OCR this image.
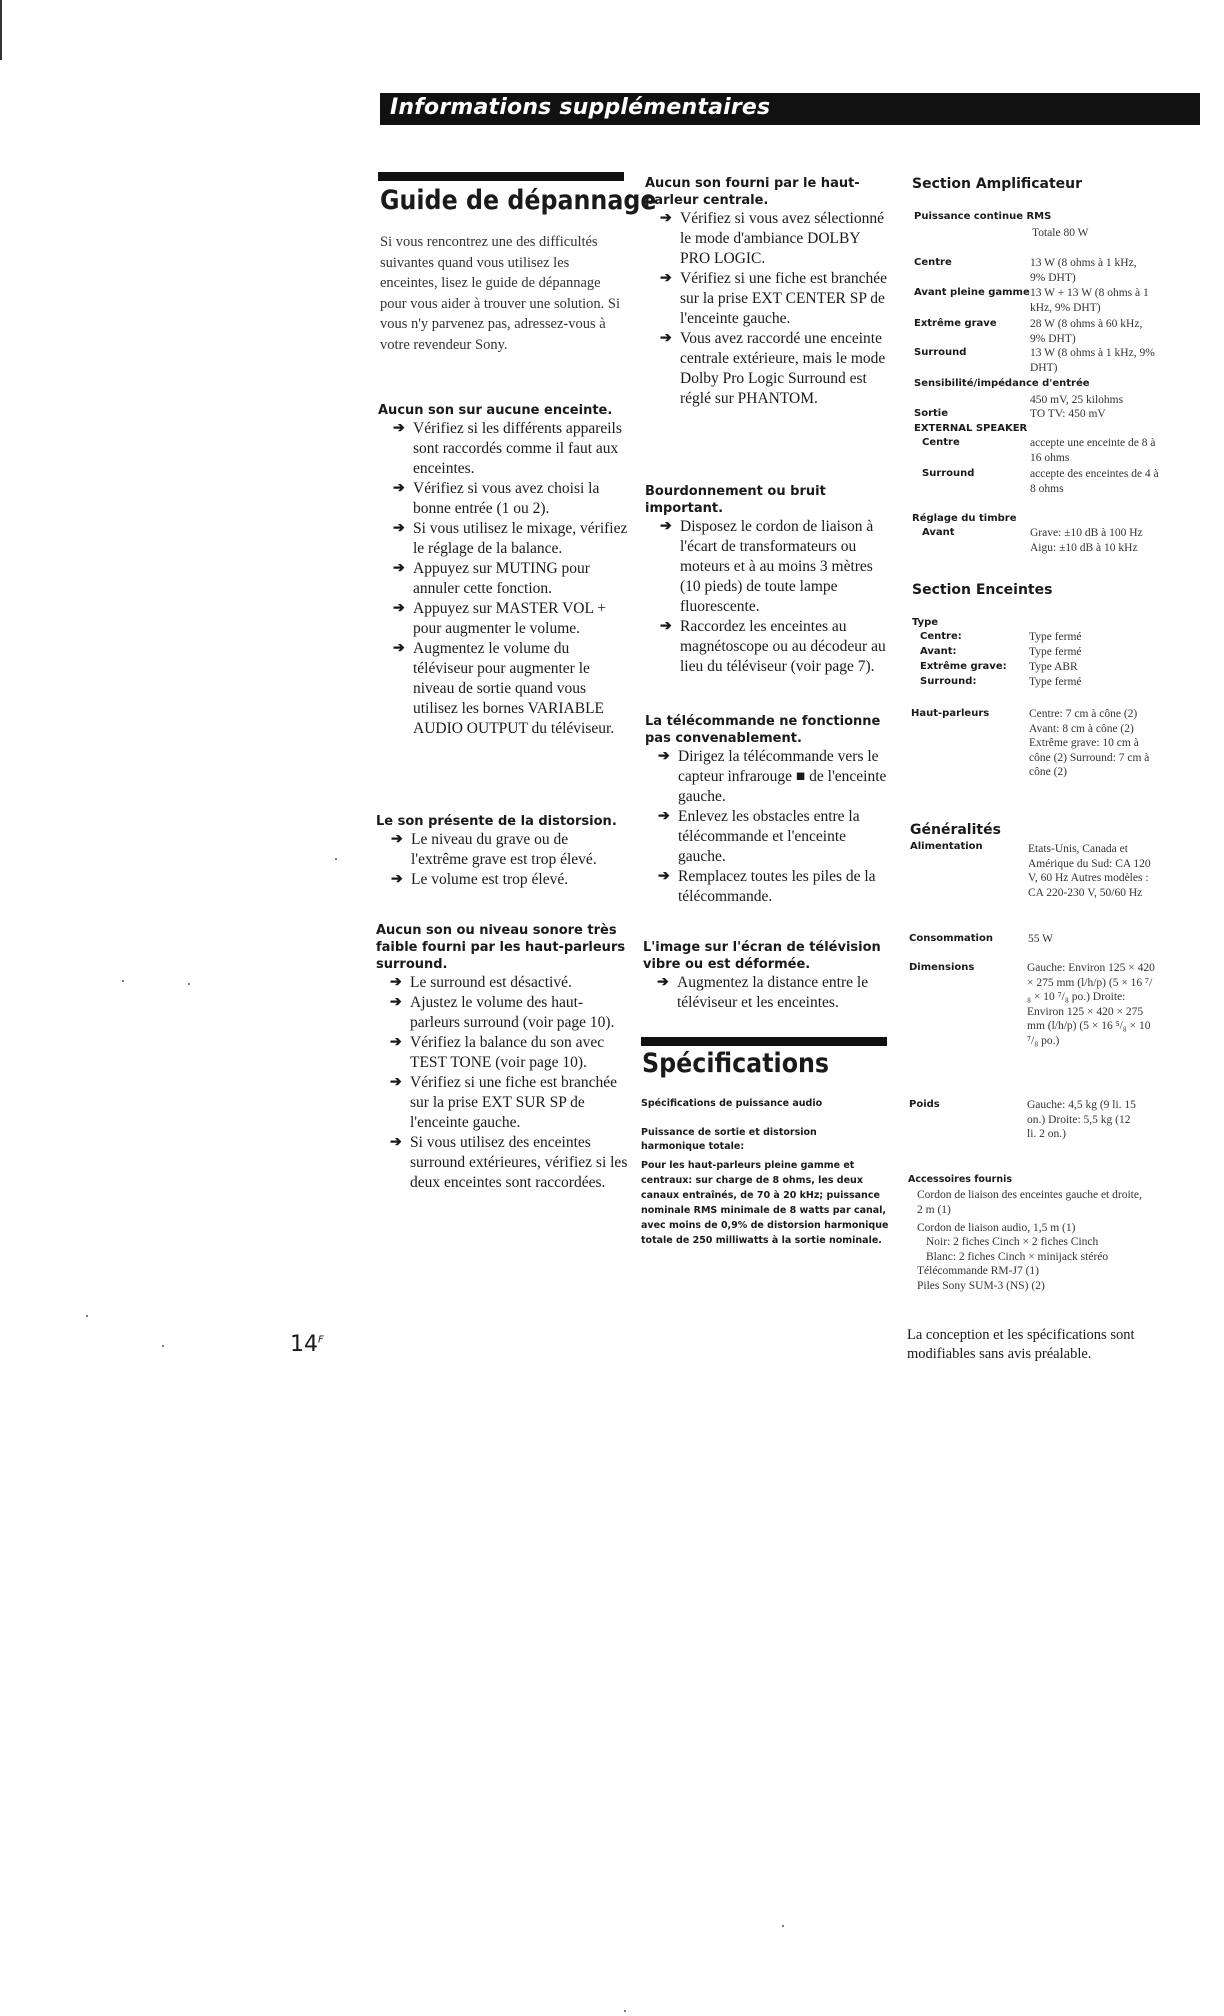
Informations supplémentaires
Guide de dépannage
Si vous rencontrez une des difficultés suivantes quand vous utilisez les enceintes, lisez le guide de dépannage pour vous aider à trouver une solution. Si vous n'y parvenez pas, adressez-vous à votre revendeur Sony.
Aucun son sur aucune enceinte.
➔ Vérifiez si les différents appareils sont raccordés comme il faut aux enceintes.
➔ Vérifiez si vous avez choisi la bonne entrée (1 ou 2).
➔ Si vous utilisez le mixage, vérifiez le réglage de la balance.
➔ Appuyez sur MUTING pour annuler cette fonction.
➔ Appuyez sur MASTER VOL + pour augmenter le volume.
➔ Augmentez le volume du téléviseur pour augmenter le niveau de sortie quand vous utilisez les bornes VARIABLE AUDIO OUTPUT du téléviseur.
Le son présente de la distorsion.
➔ Le niveau du grave ou de l'extrême grave est trop élevé.
➔ Le volume est trop élevé.
Aucun son ou niveau sonore très faible fourni par les haut-parleurs surround.
➔ Le surround est désactivé.
➔ Ajustez le volume des haut-parleurs surround (voir page 10).
➔ Vérifiez la balance du son avec TEST TONE (voir page 10).
➔ Vérifiez si une fiche est branchée sur la prise EXT SUR SP de l'enceinte gauche.
➔ Si vous utilisez des enceintes surround extérieures, vérifiez si les deux enceintes sont raccordées.
Aucun son fourni par le haut-parleur centrale.
➔ Vérifiez si vous avez sélectionné le mode d'ambiance DOLBY PRO LOGIC.
➔ Vérifiez si une fiche est branchée sur la prise EXT CENTER SP de l'enceinte gauche.
➔ Vous avez raccordé une enceinte centrale extérieure, mais le mode Dolby Pro Logic Surround est réglé sur PHANTOM.
Bourdonnement ou bruit important.
➔ Disposez le cordon de liaison à l'écart de transformateurs ou moteurs et à au moins 3 mètres (10 pieds) de toute lampe fluorescente.
➔ Raccordez les enceintes au magnétoscope ou au décodeur au lieu du téléviseur (voir page 7).
La télécommande ne fonctionne pas convenablement.
➔ Dirigez la télécommande vers le capteur infrarouge ■ de l'enceinte gauche.
➔ Enlevez les obstacles entre la télécommande et l'enceinte gauche.
➔ Remplacez toutes les piles de la télécommande.
L'image sur l'écran de télévision vibre ou est déformée.
➔ Augmentez la distance entre le téléviseur et les enceintes.
Spécifications
Spécifications de puissance audio
Puissance de sortie et distorsion harmonique totale:
Pour les haut-parleurs pleine gamme et centraux: sur charge de 8 ohms, les deux canaux entraînés, de 70 à 20 kHz; puissance nominale RMS minimale de 8 watts par canal, avec moins de 0,9% de distorsion harmonique totale de 250 milliwatts à la sortie nominale.
Section Amplificateur
Puissance continue RMS
Totale 80 W
Centre	13 W (8 ohms à 1 kHz, 9% DHT)
Avant pleine gamme 13 W + 13 W (8 ohms à 1 kHz, 9% DHT)
Extrême grave	28 W (8 ohms à 60 kHz, 9% DHT)
Surround	13 W (8 ohms à 1 kHz, 9% DHT)
Sensibilité/impédance d'entrée
450 mV, 25 kilohms
Sortie	TO TV: 450 mV
EXTERNAL SPEAKER
Centre	accepte une enceinte de 8 à 16 ohms
Surround	accepte des enceintes de 4 à 8 ohms
Réglage du timbre
Avant	Grave: ±10 dB à 100 Hz Aigu: ±10 dB à 10 kHz
Section Enceintes
Type
Centre:	Type fermé
Avant:	Type fermé
Extrême grave: Type ABR
Surround:	Type fermé
Haut-parleurs	Centre: 7 cm à cône (2) Avant: 8 cm à cône (2) Extrême grave: 10 cm à cône (2) Surround: 7 cm à cône (2)
Généralités
Alimentation	Etats-Unis, Canada et Amérique du Sud: CA 120 V, 60 Hz Autres modèles : CA 220-230 V, 50/60 Hz
Consommation	55 W
Dimensions	Gauche: Environ 125 × 420 × 275 mm (l/h/p) (5 × 16 ⁷/₈ × 10 ⁷/₈ po.) Droite: Environ 125 × 420 × 275 mm (l/h/p) (5 × 16 ⁵/₈ × 10 ⁷/₈ po.)
Poids	Gauche: 4,5 kg (9 li. 15 on.) Droite: 5,5 kg (12 li. 2 on.)
Accessoires fournis
Cordon de liaison des enceintes gauche et droite, 2 m (1)
Cordon de liaison audio, 1,5 m (1)
Noir: 2 fiches Cinch × 2 fiches Cinch
Blanc: 2 fiches Cinch × minijack stéréo
Télécommande RM-J7 (1)
Piles Sony SUM-3 (NS) (2)
La conception et les spécifications sont modifiables sans avis préalable.
$14^F$
